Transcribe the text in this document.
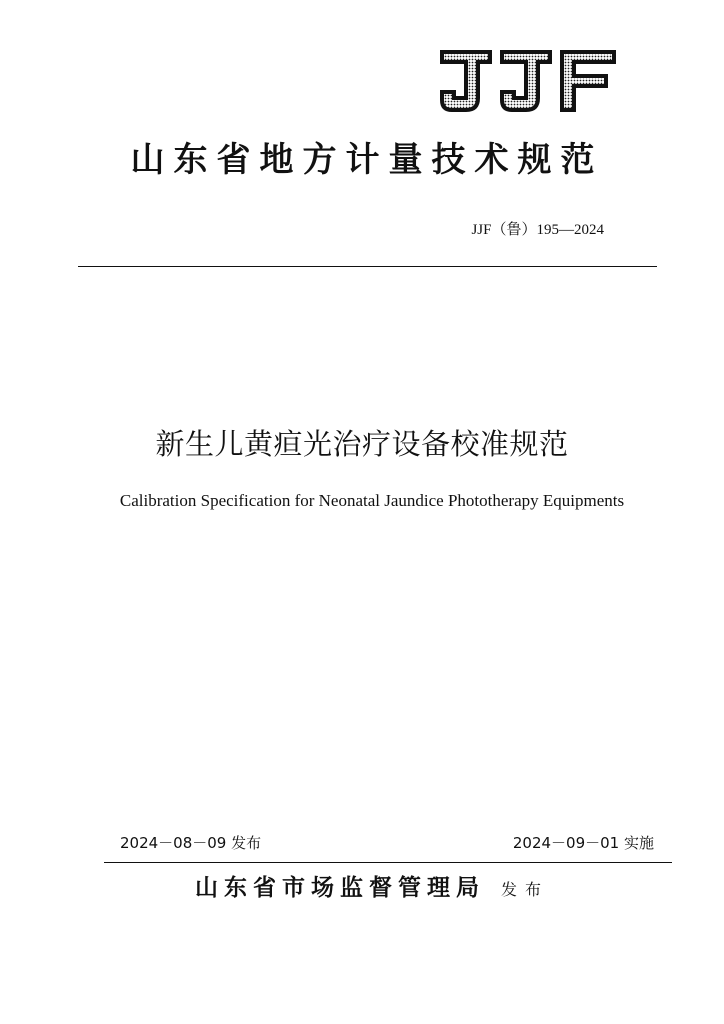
山东省地方计量技术规范
JJF（鲁）195—2024
新生儿黄疸光治疗设备校准规范
Calibration Specification for Neonatal Jaundice Phototherapy Equipments
2024－08－09 发布	2024－09－01 实施
山东省市场监督管理局 发布
